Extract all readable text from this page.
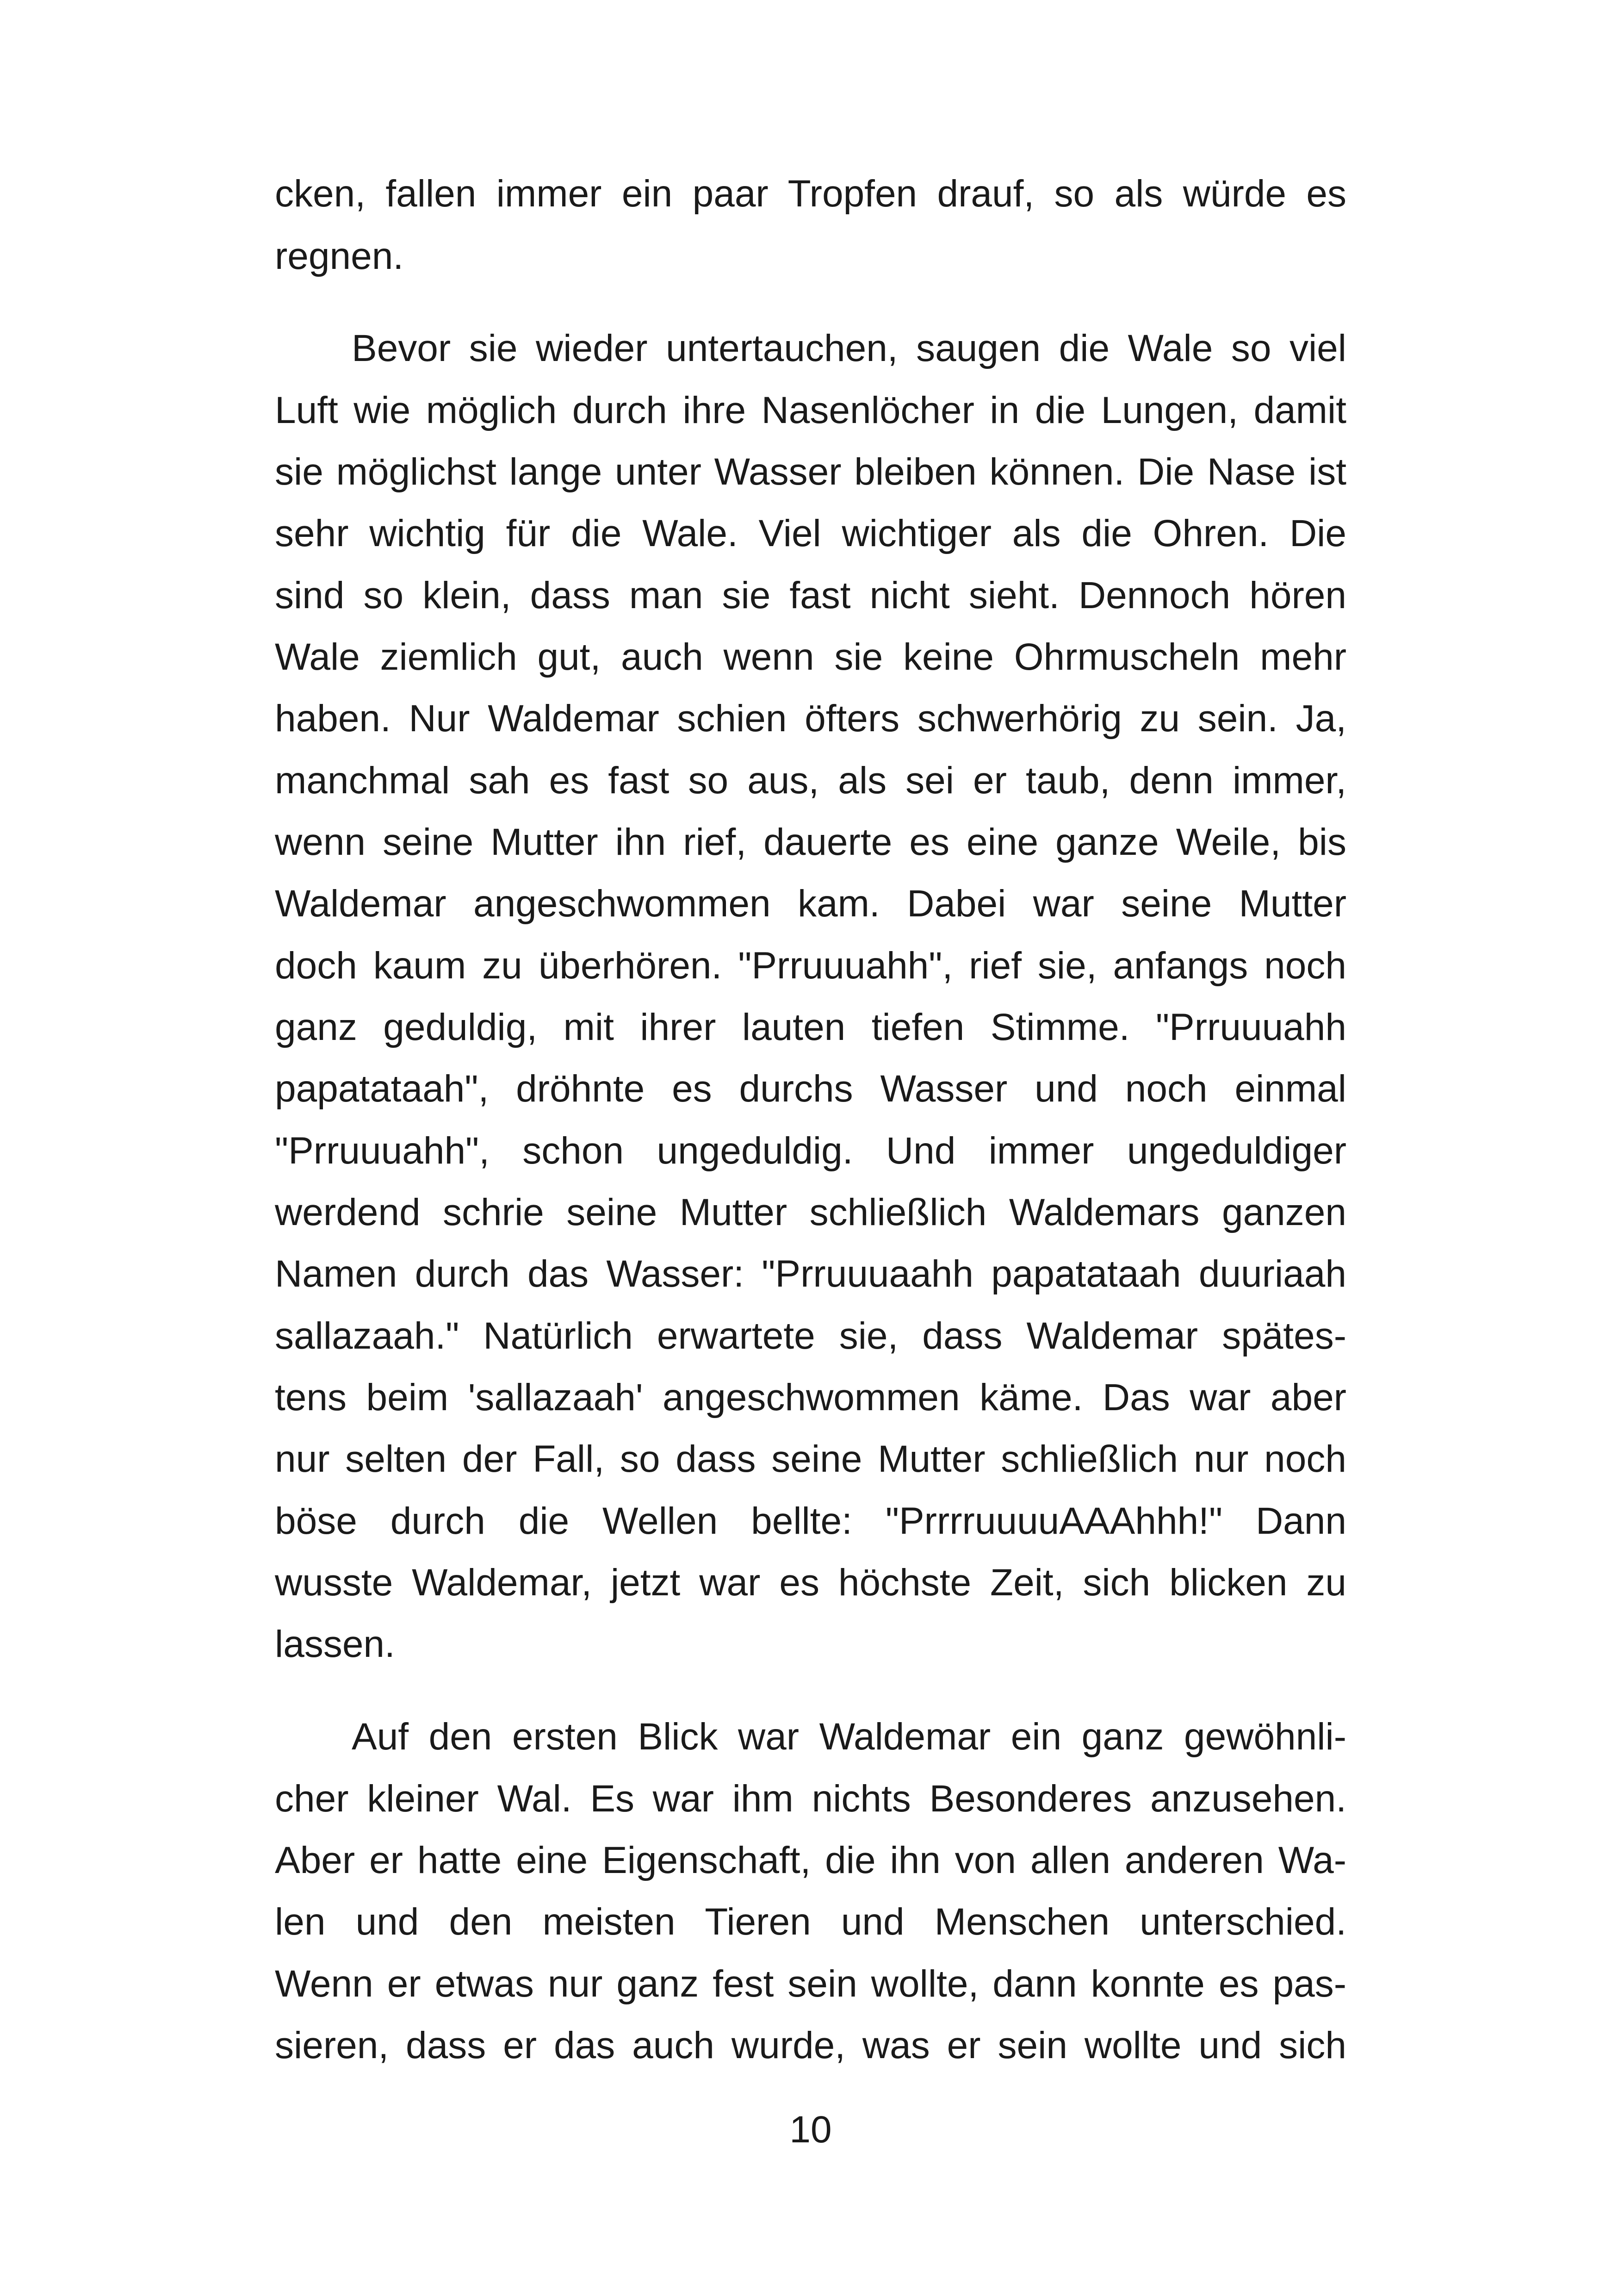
cken, fallen immer ein paar Tropfen drauf, so als würde es
regnen.
Bevor sie wieder untertauchen, saugen die Wale so viel
Luft wie möglich durch ihre Nasenlöcher in die Lungen, damit
sie möglichst lange unter Wasser bleiben können. Die Nase ist
sehr wichtig für die Wale. Viel wichtiger als die Ohren. Die
sind so klein, dass man sie fast nicht sieht. Dennoch hören
Wale ziemlich gut, auch wenn sie keine Ohrmuscheln mehr
haben. Nur Waldemar schien öfters schwerhörig zu sein. Ja,
manchmal sah es fast so aus, als sei er taub, denn immer,
wenn seine Mutter ihn rief, dauerte es eine ganze Weile, bis
Waldemar angeschwommen kam. Dabei war seine Mutter
doch kaum zu überhören. "Prruuuahh", rief sie, anfangs noch
ganz geduldig, mit ihrer lauten tiefen Stimme. "Prruuuahh
papatataah", dröhnte es durchs Wasser und noch einmal
"Prruuuahh", schon ungeduldig. Und immer ungeduldiger
werdend schrie seine Mutter schließlich Waldemars ganzen
Namen durch das Wasser: "Prruuuaahh papatataah duuriaah
sallazaah." Natürlich erwartete sie, dass Waldemar spätes-
tens beim 'sallazaah' angeschwommen käme. Das war aber
nur selten der Fall, so dass seine Mutter schließlich nur noch
böse durch die Wellen bellte: "PrrrruuuuAAAhhh!" Dann
wusste Waldemar, jetzt war es höchste Zeit, sich blicken zu
lassen.
Auf den ersten Blick war Waldemar ein ganz gewöhnli-
cher kleiner Wal. Es war ihm nichts Besonderes anzusehen.
Aber er hatte eine Eigenschaft, die ihn von allen anderen Wa-
len und den meisten Tieren und Menschen unterschied.
Wenn er etwas nur ganz fest sein wollte, dann konnte es pas-
sieren, dass er das auch wurde, was er sein wollte und sich
10
